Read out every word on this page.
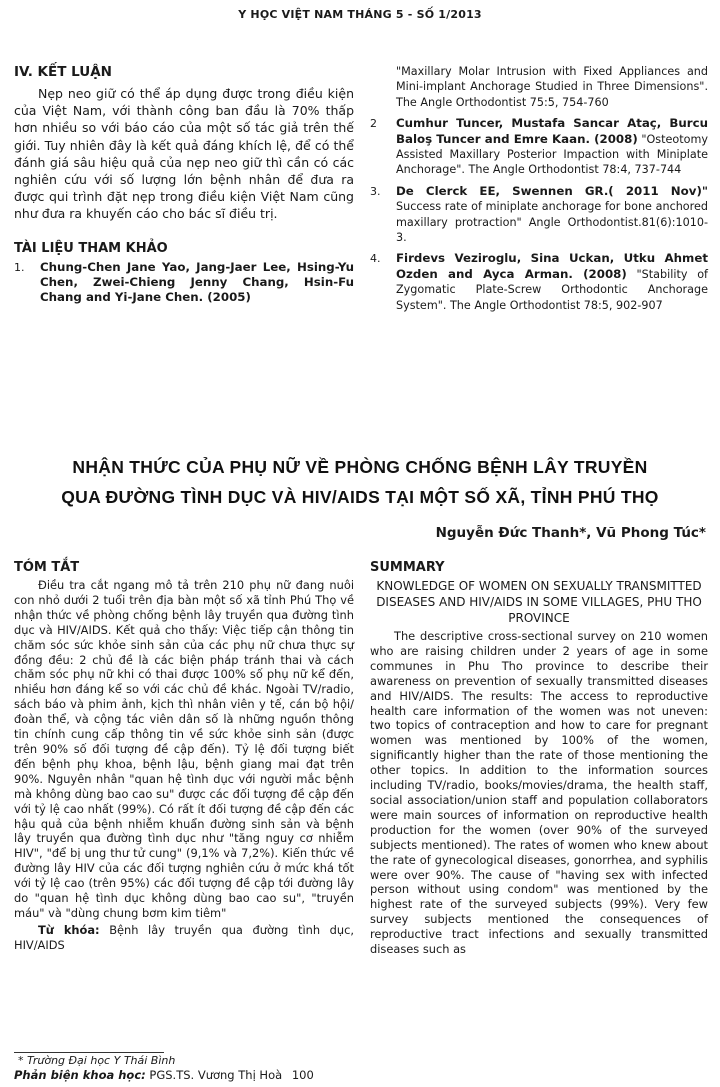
Y HỌC VIỆT NAM THÁNG 5 - SỐ 1/2013
IV. KẾT LUẬN

Nẹp neo giữ có thể áp dụng được trong điều kiện của Việt Nam, với thành công ban đầu là 70% thấp hơn nhiều so với báo cáo của một số tác giả trên thế giới. Tuy nhiên đây là kết quả đáng khích lệ, để có thể đánh giá sâu hiệu quả của nẹp neo giữ thì cần có các nghiên cứu với số lượng lớn bệnh nhân để đưa ra được qui trình đặt nẹp trong điều kiện Việt Nam cũng như đưa ra khuyến cáo cho bác sĩ điều trị.

TÀI LIỆU THAM KHẢO
1.	Chung-Chen Jane Yao, Jang-Jaer Lee, Hsing-Yu Chen, Zwei-Chieng Jenny Chang, Hsin-Fu Chang and Yi-Jane Chen. (2005)
"Maxillary Molar Intrusion with Fixed Appliances and Mini-implant Anchorage Studied in Three Dimensions". The Angle Orthodontist 75:5, 754-760
2	Cumhur Tuncer, Mustafa Sancar Ataç, Burcu Baloş Tuncer and Emre Kaan. (2008) "Osteotomy Assisted Maxillary Posterior Impaction with Miniplate Anchorage". The Angle Orthodontist 78:4, 737-744
3.	De Clerck EE, Swennen GR.( 2011 Nov)" Success rate of miniplate anchorage for bone anchored maxillary protraction" Angle Orthodontist.81(6):1010-3.
4.	Firdevs Veziroglu, Sina Uckan, Utku Ahmet Ozden and Ayca Arman. (2008) "Stability of Zygomatic Plate-Screw Orthodontic Anchorage System". The Angle Orthodontist 78:5, 902-907
NHẬN THỨC CỦA PHỤ NỮ VỀ PHÒNG CHỐNG BỆNH LÂY TRUYỀN
QUA ĐƯỜNG TÌNH DỤC VÀ HIV/AIDS TẠI MỘT SỐ XÃ, TỈNH PHÚ THỌ
Nguyễn Đức Thanh*, Vũ Phong Túc*
TÓM TẮT

Điều tra cắt ngang mô tả trên 210 phụ nữ đang nuôi con nhỏ dưới 2 tuổi trên địa bàn một số xã tỉnh Phú Thọ về nhận thức về phòng chống bệnh lây truyền qua đường tình dục và HIV/AIDS. Kết quả cho thấy: Việc tiếp cận thông tin chăm sóc sức khỏe sinh sản của các phụ nữ chưa thực sự đồng đều: 2 chủ đề là các biện pháp tránh thai và cách chăm sóc phụ nữ khi có thai được 100% số phụ nữ kể đến, nhiều hơn đáng kể so với các chủ đề khác. Ngoài TV/radio, sách báo và phim ảnh, kịch thì nhân viên y tế, cán bộ hội/đoàn thể, và cộng tác viên dân số là những nguồn thông tin chính cung cấp thông tin về sức khỏe sinh sản (được trên 90% số đối tượng đề cập đến). Tỷ lệ đối tượng biết đến bệnh phụ khoa, bệnh lậu, bệnh giang mai đạt trên 90%. Nguyên nhân "quan hệ tình dục với người mắc bệnh mà không dùng bao cao su" được các đối tượng đề cập đến với tỷ lệ cao nhất (99%). Có rất ít đối tượng đề cập đến các hậu quả của bệnh nhiễm khuẩn đường sinh sản và bệnh lây truyền qua đường tình dục như "tăng nguy cơ nhiễm HIV", "để bị ung thư tử cung" (9,1% và 7,2%). Kiến thức về đường lây HIV của các đối tượng nghiên cứu ở mức khá tốt với tỷ lệ cao (trên 95%) các đối tượng đề cập tới đường lây do "quan hệ tình dục không dùng bao cao su", "truyền máu" và "dùng chung bơm kim tiêm"

Từ khóa: Bệnh lây truyền qua đường tình dục, HIV/AIDS

SUMMARY
KNOWLEDGE OF WOMEN ON SEXUALLY TRANSMITTED DISEASES AND HIV/AIDS IN SOME VILLAGES, PHU THO PROVINCE

The descriptive cross-sectional survey on 210 women who are raising children under 2 years of age in some communes in Phu Tho province to describe their awareness on prevention of sexually transmitted diseases and HIV/AIDS. The results: The access to reproductive health care information of the women was not uneven: two topics of contraception and how to care for pregnant women was mentioned by 100% of the women, significantly higher than the rate of those mentioning the other topics. In addition to the information sources including TV/radio, books/movies/drama, the health staff, social association/union staff and population collaborators were main sources of information on reproductive health production for the women (over 90% of the surveyed subjects mentioned). The rates of women who knew about the rate of gynecological diseases, gonorrhea, and syphilis were over 90%. The cause of "having sex with infected person without using condom" was mentioned by the highest rate of the surveyed subjects (99%). Very few survey subjects mentioned the consequences of reproductive tract infections and sexually transmitted diseases such as

* Trường Đại học Y Thái Bình
Phản biện khoa học: PGS.TS. Vương Thị Hoà 100
